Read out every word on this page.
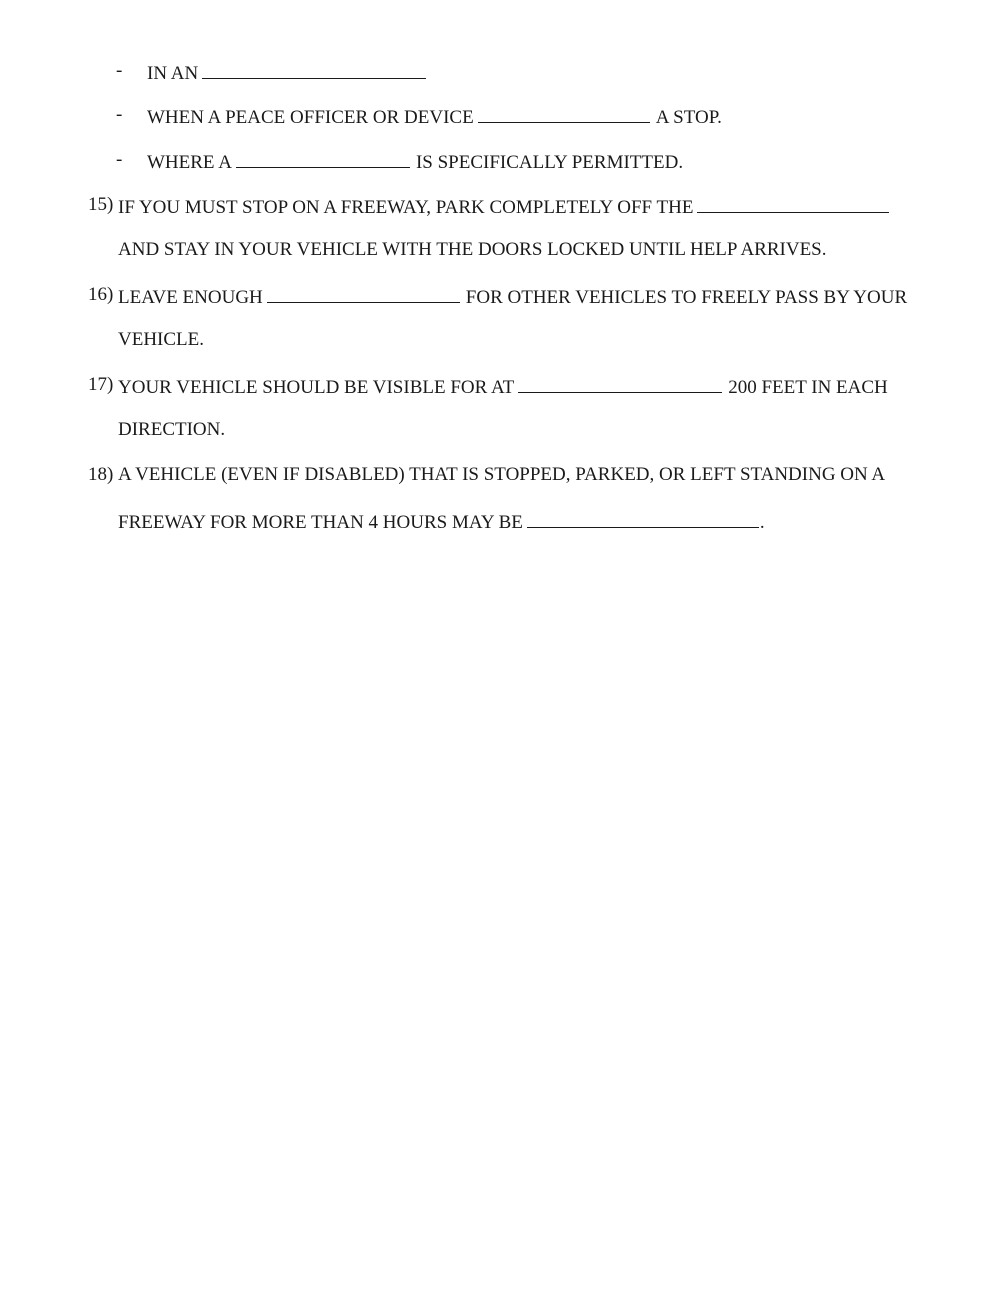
- IN AN
- WHEN A PEACE OFFICER OR DEVICE	A STOP.
- WHERE A	IS SPECIFICALLY PERMITTED.
15) IF YOU MUST STOP ON A FREEWAY, PARK COMPLETELY OFF THE
AND STAY IN YOUR VEHICLE WITH THE DOORS LOCKED UNTIL HELP ARRIVES.
16) LEAVE ENOUGH	FOR OTHER VEHICLES TO FREELY PASS BY YOUR
VEHICLE.
17) YOUR VEHICLE SHOULD BE VISIBLE FOR AT	200 FEET IN EACH
DIRECTION.
18) A VEHICLE (EVEN IF DISABLED) THAT IS STOPPED, PARKED, OR LEFT STANDING ON A
FREEWAY FOR MORE THAN 4 HOURS MAY BE	.
